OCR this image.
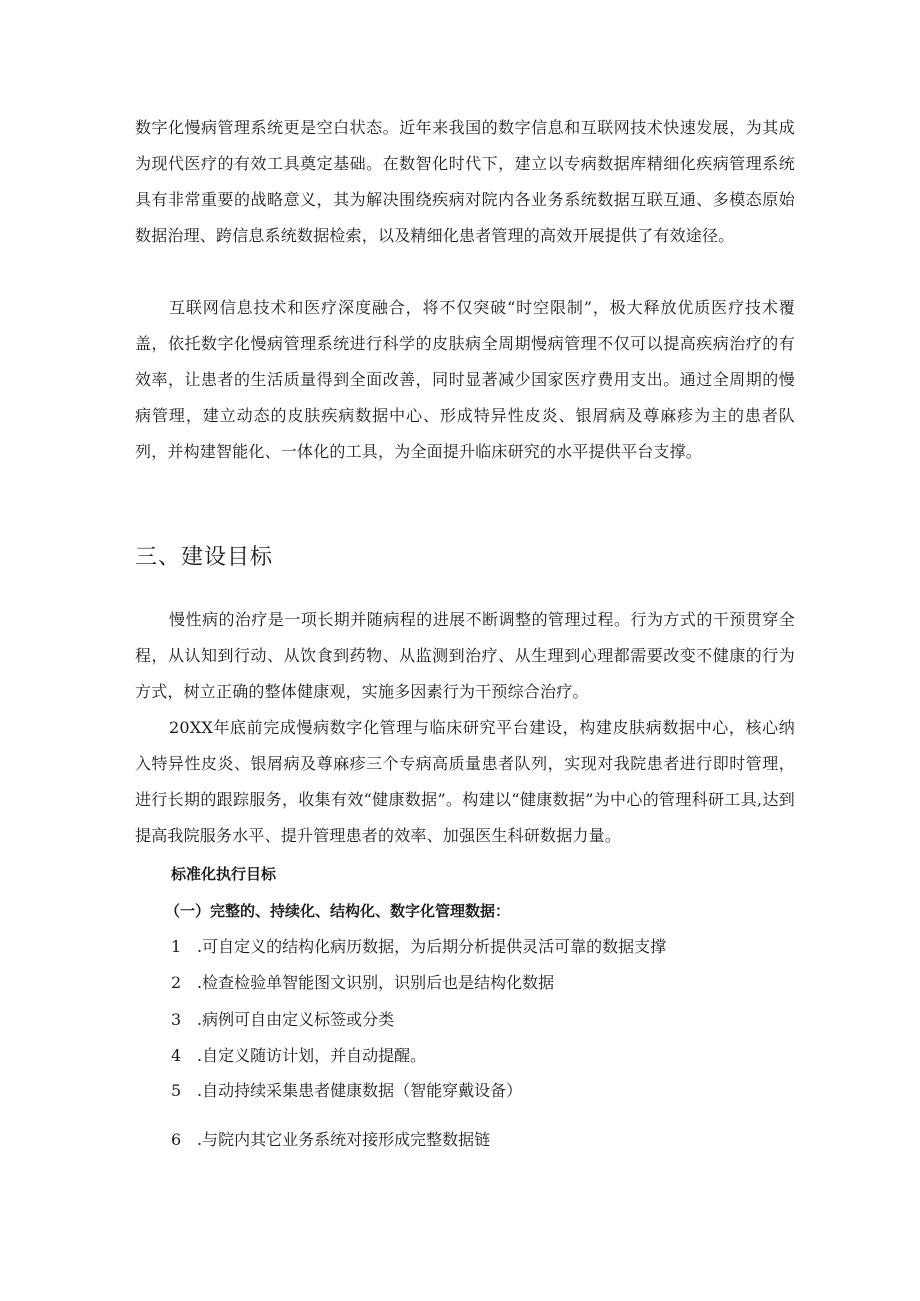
数字化慢病管理系统更是空白状态。近年来我国的数字信息和互联网技术快速发展，为其成为现代医疗的有效工具奠定基础。在数智化时代下，建立以专病数据库精细化疾病管理系统具有非常重要的战略意义，其为解决围绕疾病对院内各业务系统数据互联互通、多模态原始数据治理、跨信息系统数据检索，以及精细化患者管理的高效开展提供了有效途径。

互联网信息技术和医疗深度融合，将不仅突破“时空限制”，极大释放优质医疗技术覆盖，依托数字化慢病管理系统进行科学的皮肤病全周期慢病管理不仅可以提高疾病治疗的有效率，让患者的生活质量得到全面改善，同时显著减少国家医疗费用支出。通过全周期的慢病管理，建立动态的皮肤疾病数据中心、形成特异性皮炎、银屑病及尊麻疹为主的患者队列，并构建智能化、一体化的工具，为全面提升临床研究的水平提供平台支撑。

三、建设目标

慢性病的治疗是一项长期并随病程的进展不断调整的管理过程。行为方式的干预贯穿全程，从认知到行动、从饮食到药物、从监测到治疗、从生理到心理都需要改变不健康的行为方式，树立正确的整体健康观，实施多因素行为干预综合治疗。

20XX年底前完成慢病数字化管理与临床研究平台建设，构建皮肤病数据中心，核心纳入特异性皮炎、银屑病及尊麻疹三个专病高质量患者队列，实现对我院患者进行即时管理，进行长期的跟踪服务，收集有效“健康数据”。构建以“健康数据”为中心的管理科研工具,达到提高我院服务水平、提升管理患者的效率、加强医生科研数据力量。

标准化执行目标

（一）完整的、持续化、结构化、数字化管理数据：

1 .可自定义的结构化病历数据，为后期分析提供灵活可靠的数据支撑

2 .检查检验单智能图文识别，识别后也是结构化数据

3 .病例可自由定义标签或分类

4 .自定义随访计划，并自动提醒。

5 .自动持续采集患者健康数据（智能穿戴设备）

6 .与院内其它业务系统对接形成完整数据链
